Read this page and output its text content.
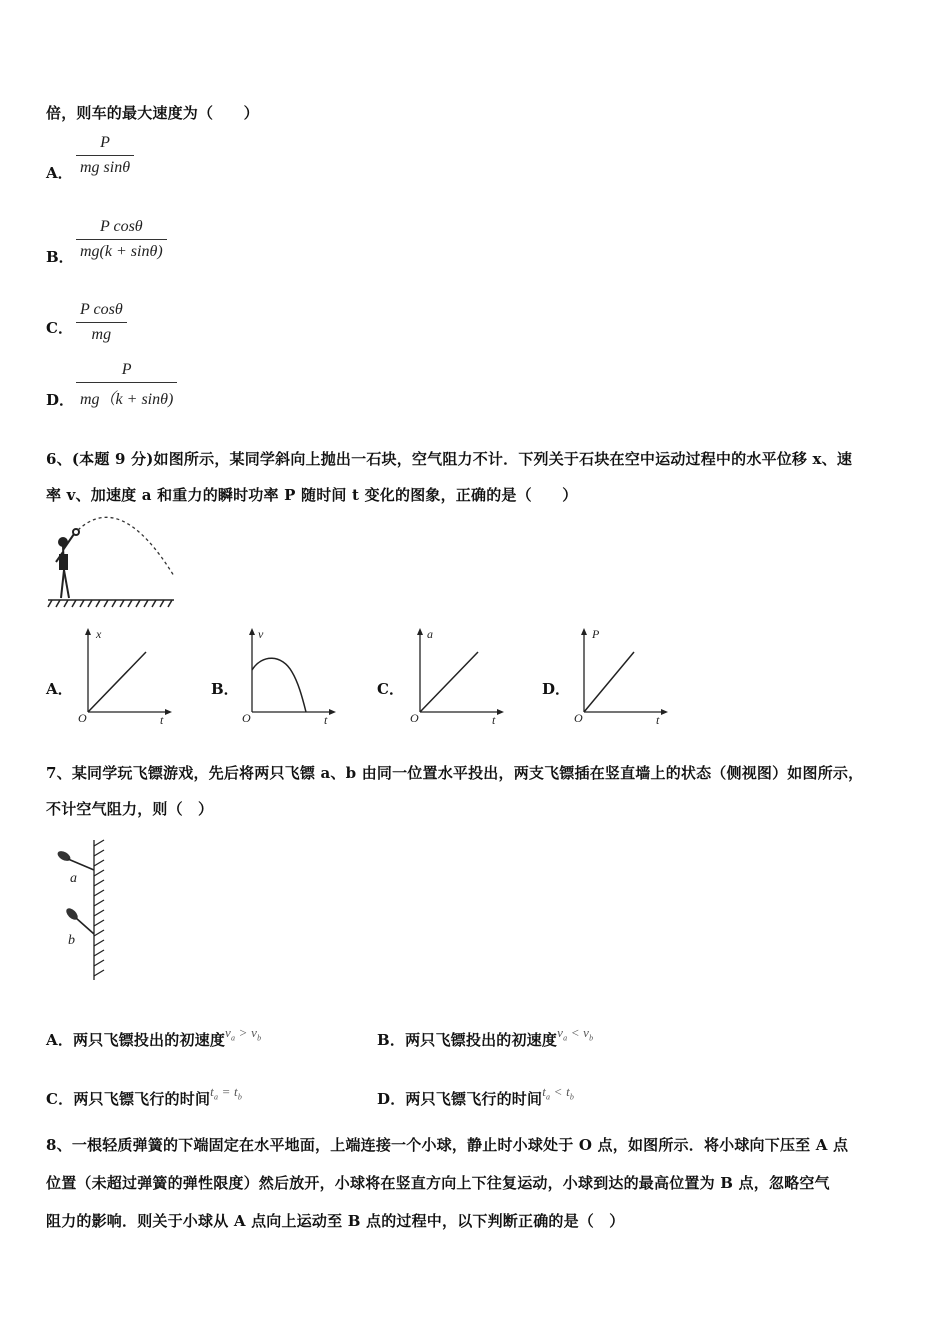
倍，则车的最大速度为（　　）
A．
P
mg sinθ
B．
P cosθ
mg(k + sinθ)
C．
P cosθ
mg
D．
P
mg（k + sinθ)
6、(本题 9 分)如图所示，某同学斜向上抛出一石块，空气阻力不计．下列关于石块在空中运动过程中的水平位移 x、速
率 v、加速度 a 和重力的瞬时功率 P 随时间 t 变化的图象，正确的是（　　）
A．
x
t
O
B．
v
t
O
C．
a
t
O
D．
P
t
O
7、某同学玩飞镖游戏，先后将两只飞镖 a、b 由同一位置水平投出，两支飞镖插在竖直墙上的状态（侧视图）如图所示，
不计空气阻力，则（　）
a
b
A．两只飞镖投出的初速度$v_a > v_b$	B．两只飞镖投出的初速度$v_a < v_b$
C．两只飞镖飞行的时间$t_a = t_b$	D．两只飞镖飞行的时间$t_a < t_b$
8、一根轻质弹簧的下端固定在水平地面，上端连接一个小球，静止时小球处于 O 点，如图所示．将小球向下压至 A 点
位置（未超过弹簧的弹性限度）然后放开，小球将在竖直方向上下往复运动，小球到达的最高位置为 B 点，忽略空气
阻力的影响．则关于小球从 A 点向上运动至 B 点的过程中，以下判断正确的是（　）
